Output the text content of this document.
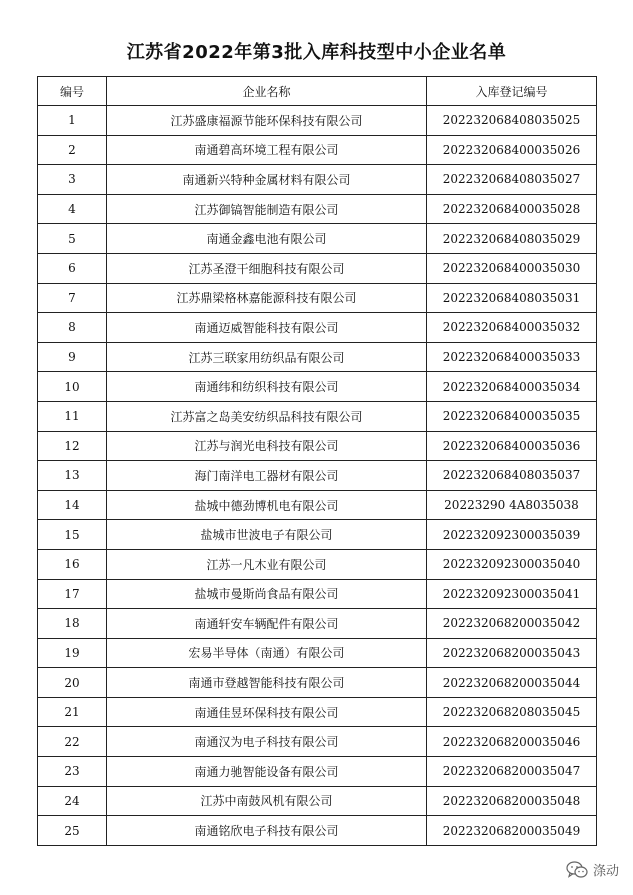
江苏省2022年第3批入库科技型中小企业名单
编号	企业名称	入库登记编号
1	江苏盛康福源节能环保科技有限公司	202232068408035025
2	南通碧高环境工程有限公司	202232068400035026
3	南通新兴特种金属材料有限公司	202232068408035027
4	江苏御镐智能制造有限公司	202232068400035028
5	南通金鑫电池有限公司	202232068408035029
6	江苏圣澄干细胞科技有限公司	202232068400035030
7	江苏鼎梁格林嘉能源科技有限公司	202232068408035031
8	南通迈威智能科技有限公司	202232068400035032
9	江苏三联家用纺织品有限公司	202232068400035033
10	南通纬和纺织科技有限公司	202232068400035034
11	江苏富之岛美安纺织品科技有限公司	202232068400035035
12	江苏与润光电科技有限公司	202232068400035036
13	海门南洋电工器材有限公司	202232068408035037
14	盐城中德劲博机电有限公司	20223290 4A8035038
15	盐城市世波电子有限公司	202232092300035039
16	江苏一凡木业有限公司	202232092300035040
17	盐城市曼斯尚食品有限公司	202232092300035041
18	南通轩安车辆配件有限公司	202232068200035042
19	宏易半导体（南通）有限公司	202232068200035043
20	南通市登越智能科技有限公司	202232068200035044
21	南通佳昱环保科技有限公司	202232068208035045
22	南通汉为电子科技有限公司	202232068200035046
23	南通力驰智能设备有限公司	202232068200035047
24	江苏中南鼓风机有限公司	202232068200035048
25	南通铭欣电子科技有限公司	202232068200035049
涤动
